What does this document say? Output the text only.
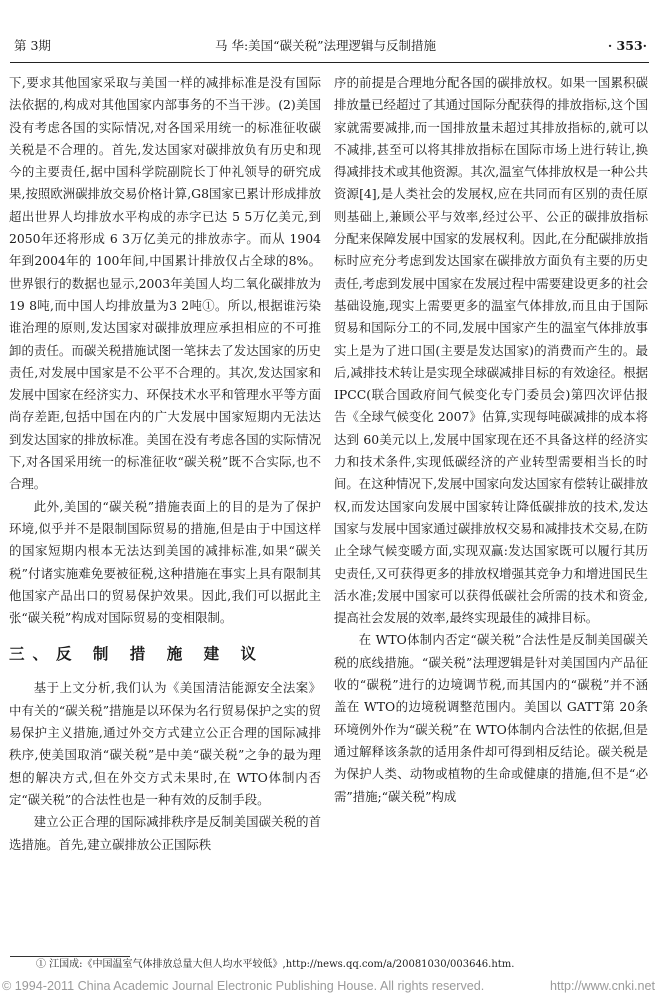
第 3期	马 华:美国“碳关税”法理逻辑与反制措施	· 353·

下,要求其他国家采取与美国一样的减排标准是没有国际法依据的,构成对其他国家内部事务的不当干涉。(2)美国没有考虑各国的实际情况,对各国采用统一的标准征收碳关税是不合理的。首先,发达国家对碳排放负有历史和现今的主要责任,据中国科学院副院长丁仲礼领导的研究成果,按照欧洲碳排放交易价格计算,G8国家已累计形成排放超出世界人均排放水平构成的赤字已达 5 5万亿美元,到 2050年还将形成 6 3万亿美元的排放赤字。而从 1904年到2004年的 100年间,中国累计排放仅占全球的8%。世界银行的数据也显示,2003年美国人均二氧化碳排放为 19 8吨,而中国人均排放量为3 2吨①。所以,根据谁污染谁治理的原则,发达国家对碳排放理应承担相应的不可推卸的责任。而碳关税措施试图一笔抹去了发达国家的历史责任,对发展中国家是不公平不合理的。其次,发达国家和发展中国家在经济实力、环保技术水平和管理水平等方面尚存差距,包括中国在内的广大发展中国家短期内无法达到发达国家的排放标准。美国在没有考虑各国的实际情况下,对各国采用统一的标准征收“碳关税”既不合实际,也不合理。

此外,美国的“碳关税”措施表面上的目的是为了保护环境,似乎并不是限制国际贸易的措施,但是由于中国这样的国家短期内根本无法达到美国的减排标准,如果“碳关税”付诸实施难免要被征税,这种措施在事实上具有限制其他国家产品出口的贸易保护效果。因此,我们可以据此主张“碳关税”构成对国际贸易的变相限制。

三、反 制 措 施 建 议

基于上文分析,我们认为《美国清洁能源安全法案》中有关的“碳关税”措施是以环保为名行贸易保护之实的贸易保护主义措施,通过外交方式建立公正合理的国际减排秩序,使美国取消“碳关税”是中美“碳关税”之争的最为理想的解决方式,但在外交方式未果时,在 WTO体制内否定“碳关税”的合法性也是一种有效的反制手段。

建立公正合理的国际减排秩序是反制美国碳关税的首选措施。首先,建立碳排放公正国际秩

序的前提是合理地分配各国的碳排放权。如果一国累积碳排放量已经超过了其通过国际分配获得的排放指标,这个国家就需要减排,而一国排放量未超过其排放指标的,就可以不减排,甚至可以将其排放指标在国际市场上进行转让,换得减排技术或其他资源。其次,温室气体排放权是一种公共资源[4],是人类社会的发展权,应在共同而有区别的责任原则基础上,兼顾公平与效率,经过公平、公正的碳排放指标分配来保障发展中国家的发展权利。因此,在分配碳排放指标时应充分考虑到发达国家在碳排放方面负有主要的历史责任,考虑到发展中国家在发展过程中需要建设更多的社会基础设施,现实上需要更多的温室气体排放,而且由于国际贸易和国际分工的不同,发展中国家产生的温室气体排放事实上是为了进口国(主要是发达国家)的消费而产生的。最后,减排技术转让是实现全球碳减排目标的有效途径。根据 IPCC(联合国政府间气候变化专门委员会)第四次评估报告《全球气候变化 2007》估算,实现每吨碳减排的成本将达到 60美元以上,发展中国家现在还不具备这样的经济实力和技术条件,实现低碳经济的产业转型需要相当长的时间。在这种情况下,发展中国家向发达国家有偿转让碳排放权,而发达国家向发展中国家转让降低碳排放的技术,发达国家与发展中国家通过碳排放权交易和减排技术交易,在防止全球气候变暖方面,实现双赢:发达国家既可以履行其历史责任,又可获得更多的排放权增强其竞争力和增进国民生活水准;发展中国家可以获得低碳社会所需的技术和资金,提高社会发展的效率,最终实现最佳的减排目标。

在 WTO体制内否定“碳关税”合法性是反制美国碳关税的底线措施。“碳关税”法理逻辑是针对美国国内产品征收的“碳税”进行的边境调节税,而其国内的“碳税”并不涵盖在 WTO的边境税调整范围内。美国以 GATT第 20条环境例外作为“碳关税”在 WTO体制内合法性的依据,但是通过解释该条款的适用条件却可得到相反结论。碳关税是为保护人类、动物或植物的生命或健康的措施,但不是“必需”措施;“碳关税”构成

① 江国成:《中国温室气体排放总量大但人均水平较低》,http://news.qq.com/a/20081030/003646.htm.
© 1994-2011 China Academic Journal Electronic Publishing House. All rights reserved.	http://www.cnki.net
